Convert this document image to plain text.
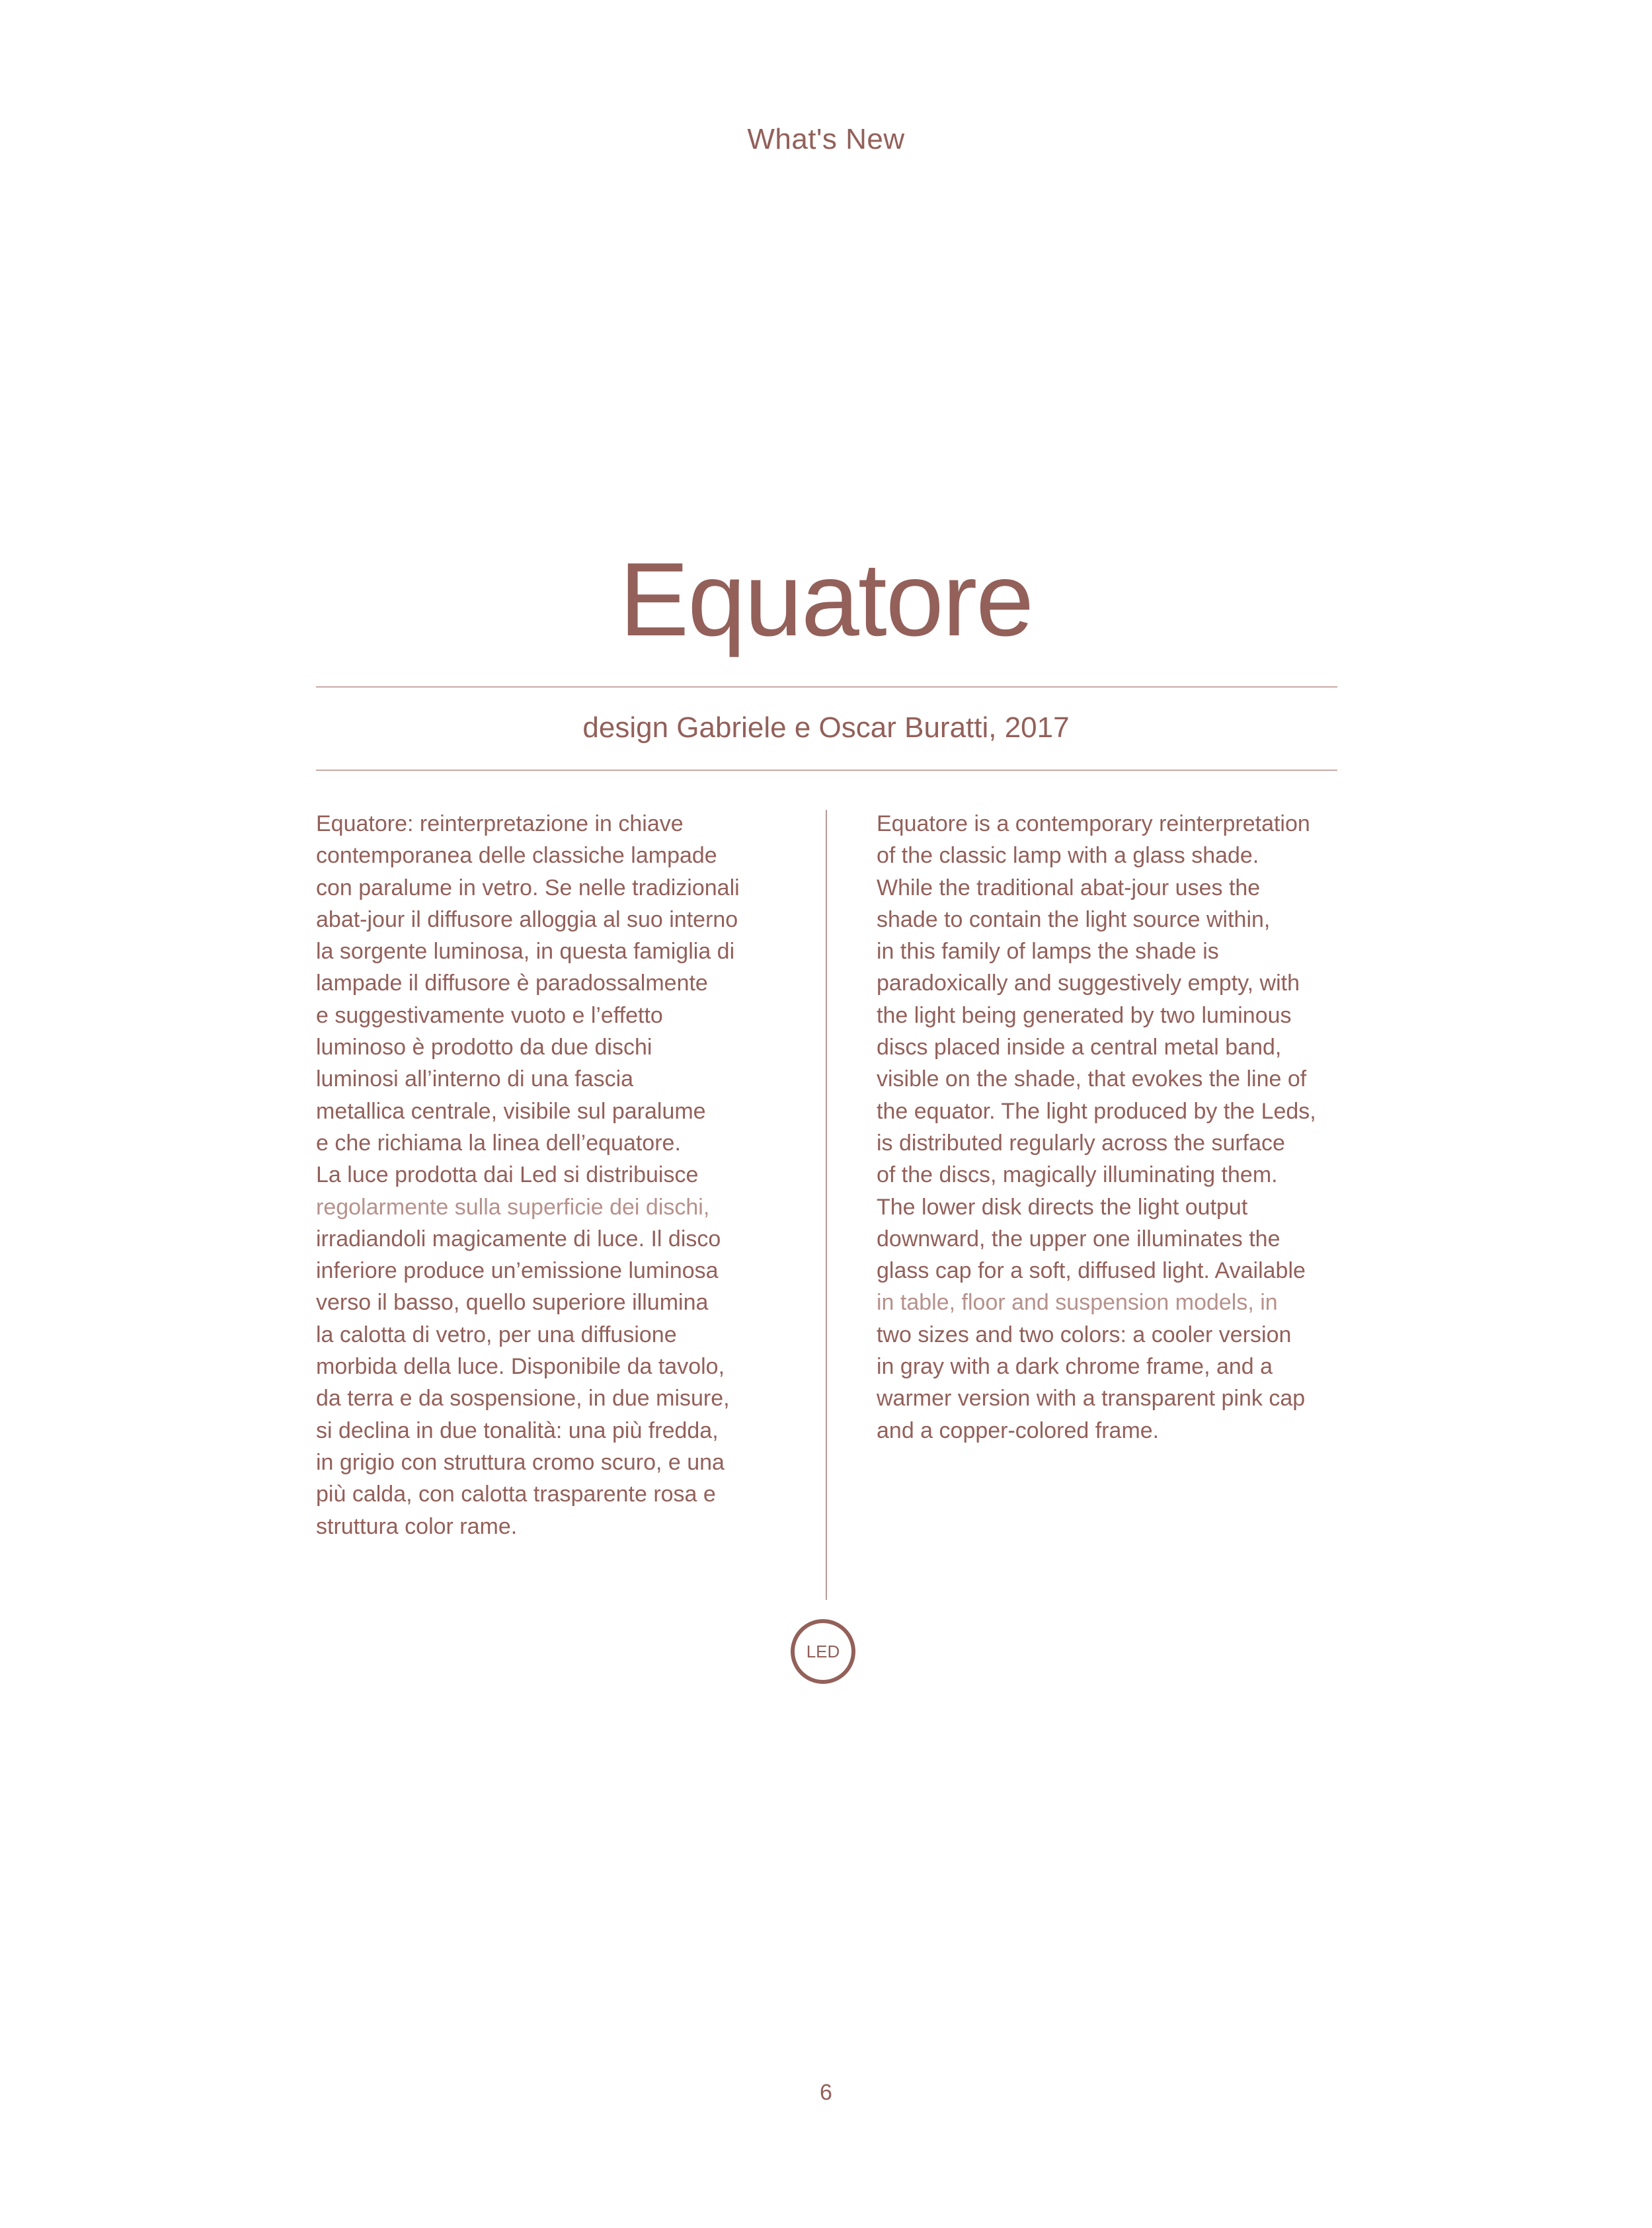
What's New
Equatore
design Gabriele e Oscar Buratti, 2017
Equatore: reinterpretazione in chiave
contemporanea delle classiche lampade
con paralume in vetro. Se nelle tradizionali
abat-jour il diffusore alloggia al suo interno
la sorgente luminosa, in questa famiglia di
lampade il diffusore è paradossalmente
e suggestivamente vuoto e l’effetto
luminoso è prodotto da due dischi
luminosi all’interno di una fascia
metallica centrale, visibile sul paralume
e che richiama la linea dell’equatore.
La luce prodotta dai Led si distribuisce
regolarmente sulla superficie dei dischi,
irradiandoli magicamente di luce. Il disco
inferiore produce un’emissione luminosa
verso il basso, quello superiore illumina
la calotta di vetro, per una diffusione
morbida della luce. Disponibile da tavolo,
da terra e da sospensione, in due misure,
si declina in due tonalità: una più fredda,
in grigio con struttura cromo scuro, e una
più calda, con calotta trasparente rosa e
struttura color rame.
Equatore is a contemporary reinterpretation
of the classic lamp with a glass shade.
While the traditional abat-jour uses the
shade to contain the light source within,
in this family of lamps the shade is
paradoxically and suggestively empty, with
the light being generated by two luminous
discs placed inside a central metal band,
visible on the shade, that evokes the line of
the equator. The light produced by the Leds,
is distributed regularly across the surface
of the discs, magically illuminating them.
The lower disk directs the light output
downward, the upper one illuminates the
glass cap for a soft, diffused light. Available
in table, floor and suspension models, in
two sizes and two colors: a cooler version
in gray with a dark chrome frame, and a
warmer version with a transparent pink cap
and a copper-colored frame.
LED
6
